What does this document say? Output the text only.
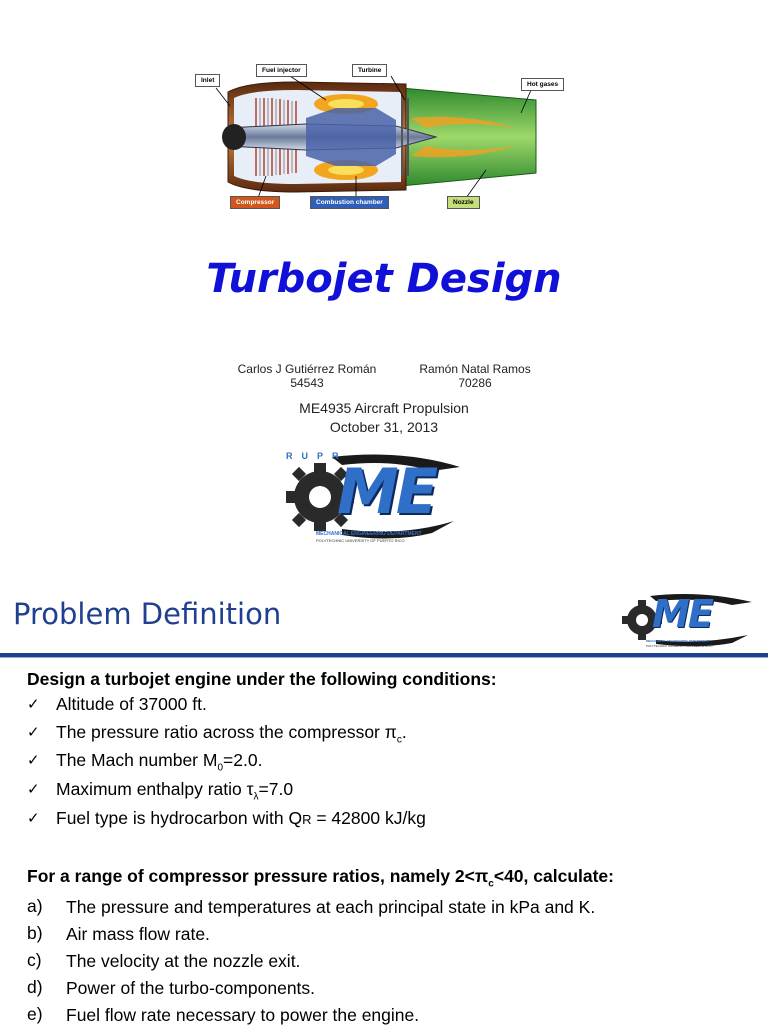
Inlet
Fuel injector	Turbine
Hot gases
Compressor	Combustion chamber	Nozzle
Turbojet Design
Carlos J Gutiérrez Román
54543
Ramón Natal Ramos
70286
ME4935 Aircraft Propulsion
October 31, 2013
ME
RUPR
MECHANICAL ENGINEERING DEPARTMENT
POLYTECHNIC UNIVERSITY OF PUERTO RICO
Problem Definition	ME
MECHANICAL ENGINEERING DEPARTMENT
POLYTECHNIC UNIVERSITY OF PUERTO RICO
Design a turbojet engine under the following conditions:
✓ Altitude of 37000 ft.
✓ The pressure ratio across the compressor $\pi_c$.
✓ The Mach number $M_0=2.0$.
✓ Maximum enthalpy ratio $\tau_\lambda=7.0$
✓ Fuel type is hydrocarbon with QR = 42800 kJ/kg
For a range of compressor pressure ratios, namely $2<\pi_c<40$, calculate:
a) The pressure and temperatures at each principal state in kPa and K.
b) Air mass flow rate.
c) The velocity at the nozzle exit.
d) Power of the turbo-components.
e) Fuel flow rate necessary to power the engine.
